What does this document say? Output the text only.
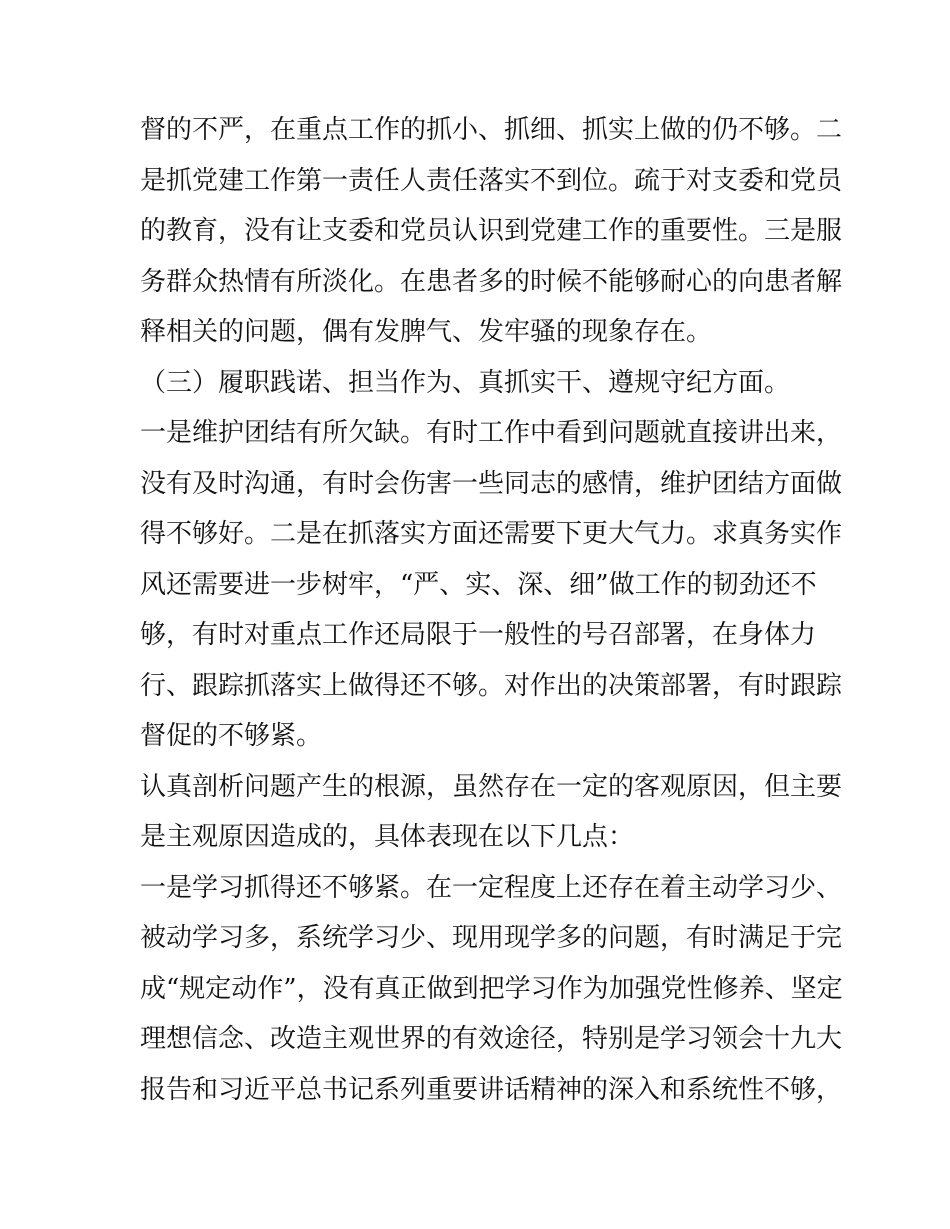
督的不严，在重点工作的抓小、抓细、抓实上做的仍不够。二
是抓党建工作第一责任人责任落实不到位。疏于对支委和党员
的教育，没有让支委和党员认识到党建工作的重要性。三是服
务群众热情有所淡化。在患者多的时候不能够耐心的向患者解
释相关的问题，偶有发脾气、发牢骚的现象存在。
（三）履职践诺、担当作为、真抓实干、遵规守纪方面。
一是维护团结有所欠缺。有时工作中看到问题就直接讲出来，
没有及时沟通，有时会伤害一些同志的感情，维护团结方面做
得不够好。二是在抓落实方面还需要下更大气力。求真务实作
风还需要进一步树牢，“严、实、深、细”做工作的韧劲还不
够，有时对重点工作还局限于一般性的号召部署，在身体力
行、跟踪抓落实上做得还不够。对作出的决策部署，有时跟踪
督促的不够紧。
认真剖析问题产生的根源，虽然存在一定的客观原因，但主要
是主观原因造成的，具体表现在以下几点：
一是学习抓得还不够紧。在一定程度上还存在着主动学习少、
被动学习多，系统学习少、现用现学多的问题，有时满足于完
成“规定动作”，没有真正做到把学习作为加强党性修养、坚定
理想信念、改造主观世界的有效途径，特别是学习领会十九大
报告和习近平总书记系列重要讲话精神的深入和系统性不够，
